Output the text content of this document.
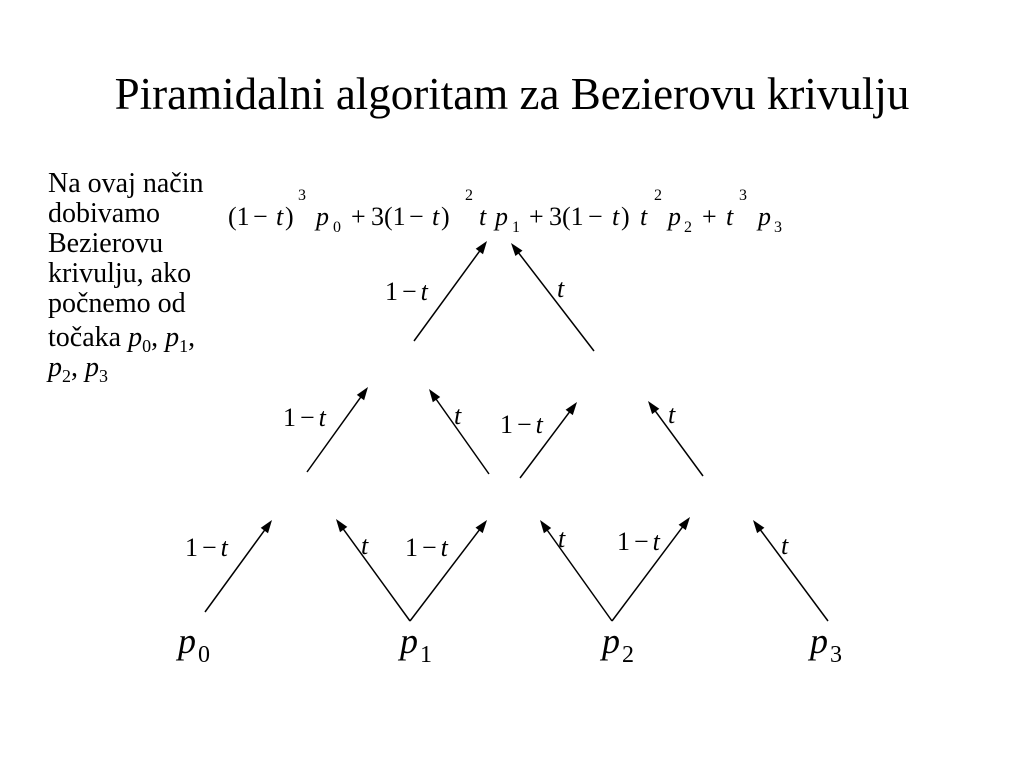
Piramidalni algoritam za Bezierovu krivulju
Na ovaj način
dobivamo
Bezierovu
krivulju, ako
počnemo od
točaka $p_0$, $p_1$,
$p_2$, $p_3$
(1 − t )
3
p 0 + 3 (1 − t )
2
t p 1 + 3 (1 − t ) t
2
p 2 + t
3
p 3
1 − t	t 1 − t	t 1 − t	t
1 − t	t 1 − t	t
1 − t	t
$p_0$	$p_1$	$p_2$	$p_3$
